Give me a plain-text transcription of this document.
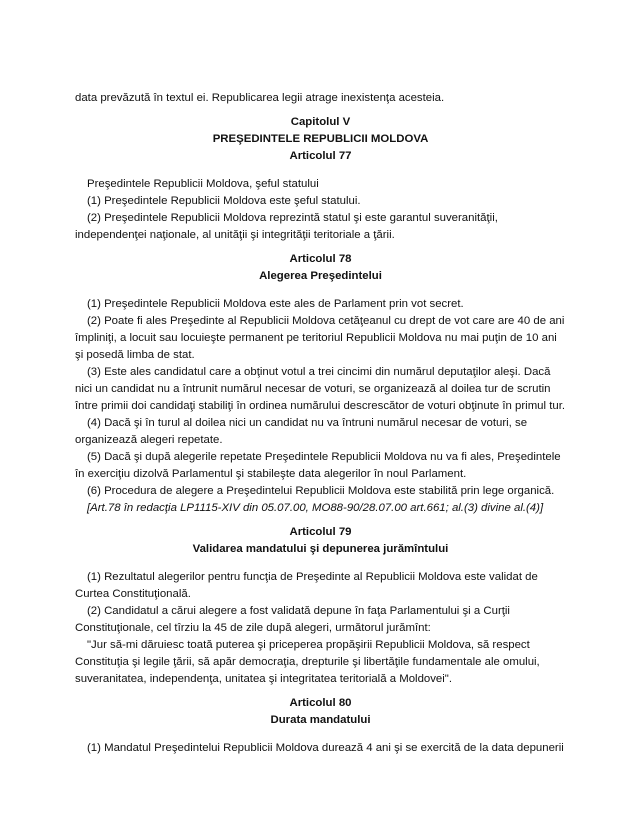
data prevăzută în textul ei. Republicarea legii atrage inexistenţa acesteia.

Capitolul V

PREŞEDINTELE REPUBLICII MOLDOVA

Articolul 77

Preşedintele Republicii Moldova, şeful statului

(1) Preşedintele Republicii Moldova este şeful statului.

(2) Preşedintele Republicii Moldova reprezintă statul şi este garantul suveranităţii, independenţei naţionale, al unităţii şi integrităţii teritoriale a ţării.

Articolul 78

Alegerea Preşedintelui

(1) Preşedintele Republicii Moldova este ales de Parlament prin vot secret.

(2) Poate fi ales Preşedinte al Republicii Moldova cetăţeanul cu drept de vot care are 40 de ani împliniţi, a locuit sau locuieşte permanent pe teritoriul Republicii Moldova nu mai puţin de 10 ani şi posedă limba de stat.

(3) Este ales candidatul care a obţinut votul a trei cincimi din numărul deputaţilor aleşi. Dacă nici un candidat nu a întrunit numărul necesar de voturi, se organizează al doilea tur de scrutin între primii doi candidaţi stabiliţi în ordinea numărului descrescător de voturi obţinute în primul tur.

(4) Dacă şi în turul al doilea nici un candidat nu va întruni numărul necesar de voturi, se organizează alegeri repetate.

(5) Dacă şi după alegerile repetate Preşedintele Republicii Moldova nu va fi ales, Preşedintele în exerciţiu dizolvă Parlamentul şi stabileşte data alegerilor în noul Parlament.

(6) Procedura de alegere a Preşedintelui Republicii Moldova este stabilită prin lege organică.

[Art.78 în redacţia LP1115-XIV din 05.07.00, MO88-90/28.07.00 art.661; al.(3) divine al.(4)]

Articolul 79

Validarea mandatului şi depunerea jurămîntului

(1) Rezultatul alegerilor pentru funcţia de Preşedinte al Republicii Moldova este validat de Curtea Constituţională.

(2) Candidatul a cărui alegere a fost validată depune în faţa Parlamentului şi a Curţii Constituţionale, cel tîrziu la 45 de zile după alegeri, următorul jurămînt:

"Jur să-mi dăruiesc toată puterea şi priceperea propăşirii Republicii Moldova, să respect Constituţia şi legile ţării, să apăr democraţia, drepturile şi libertăţile fundamentale ale omului, suveranitatea, independenţa, unitatea şi integritatea teritorială a Moldovei".

Articolul 80

Durata mandatului

(1) Mandatul Preşedintelui Republicii Moldova durează 4 ani şi se exercită de la data depunerii
